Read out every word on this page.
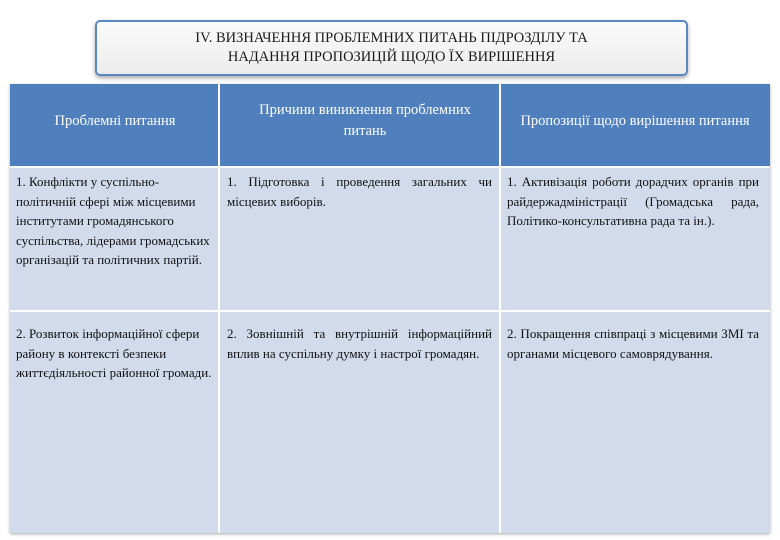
IV. ВИЗНАЧЕННЯ ПРОБЛЕМНИХ ПИТАНЬ ПІДРОЗДІЛУ ТА
НАДАННЯ ПРОПОЗИЦІЙ ЩОДО ЇХ ВИРІШЕННЯ
Проблемні питання
Причини виникнення проблемних питань
Пропозиції щодо вирішення питання
1. Конфлікти у суспільно-політичній сфері між місцевими інститутами громадянського суспільства, лідерами громадських організацій та політичних партій.
1. Підготовка і проведення загальних чи місцевих виборів.
1. Активізація роботи дорадчих органів при райдержадміністрації (Громадська рада, Політико-консультативна рада та ін.).
2. Розвиток інформаційної сфери району в контексті безпеки життєдіяльності районної громади.
2. Зовнішній та внутрішній інформаційний вплив на суспільну думку і настрої громадян.
2. Покращення співпраці з місцевими ЗМІ та органами місцевого самоврядування.
